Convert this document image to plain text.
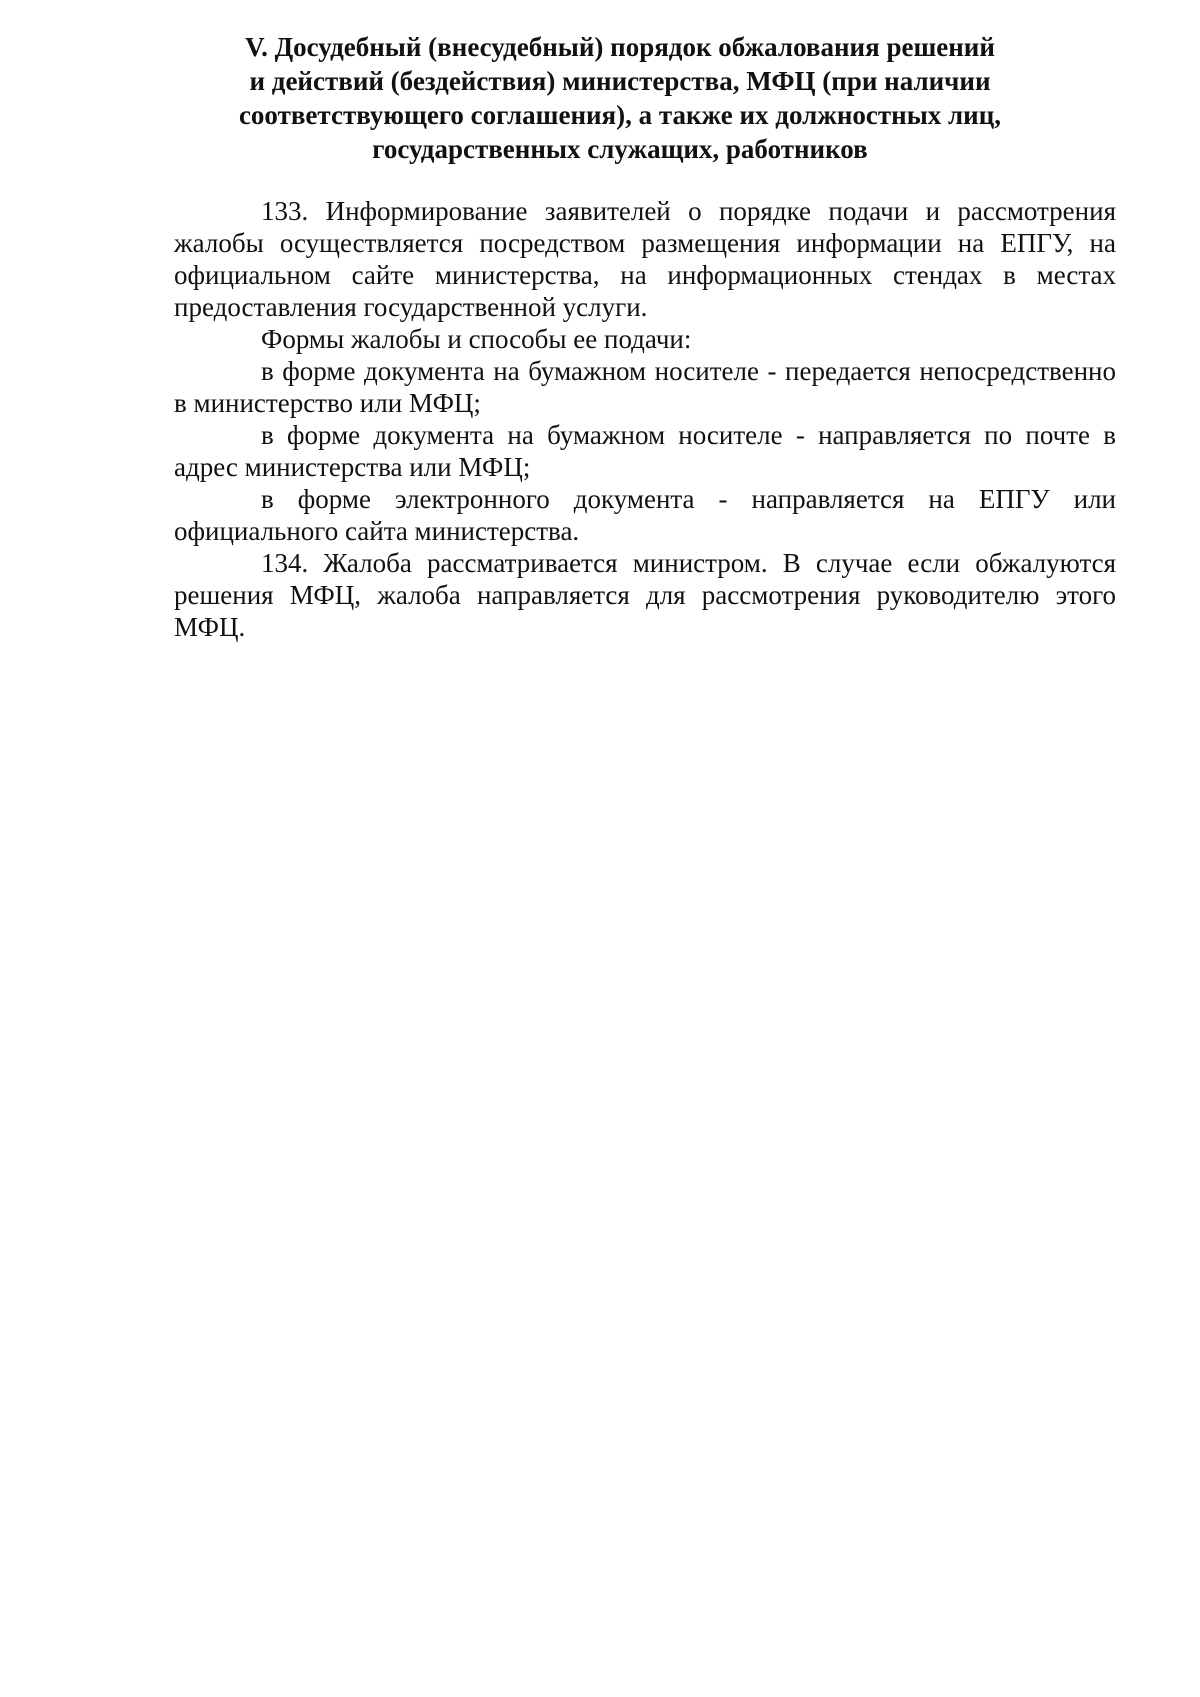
V. Досудебный (внесудебный) порядок обжалования решений
и действий (бездействия) министерства, МФЦ (при наличии
соответствующего соглашения), а также их должностных лиц,
государственных служащих, работников

133. Информирование заявителей о порядке подачи и рассмотрения жалобы осуществляется посредством размещения информации на ЕПГУ, на официальном сайте министерства, на информационных стендах в местах предоставления государственной услуги.

Формы жалобы и способы ее подачи:

в форме документа на бумажном носителе - передается непосредственно в министерство или МФЦ;

в форме документа на бумажном носителе - направляется по почте в адрес министерства или МФЦ;

в форме электронного документа - направляется на ЕПГУ или официального сайта министерства.

134. Жалоба рассматривается министром. В случае если обжалуются решения МФЦ, жалоба направляется для рассмотрения руководителю этого МФЦ.
